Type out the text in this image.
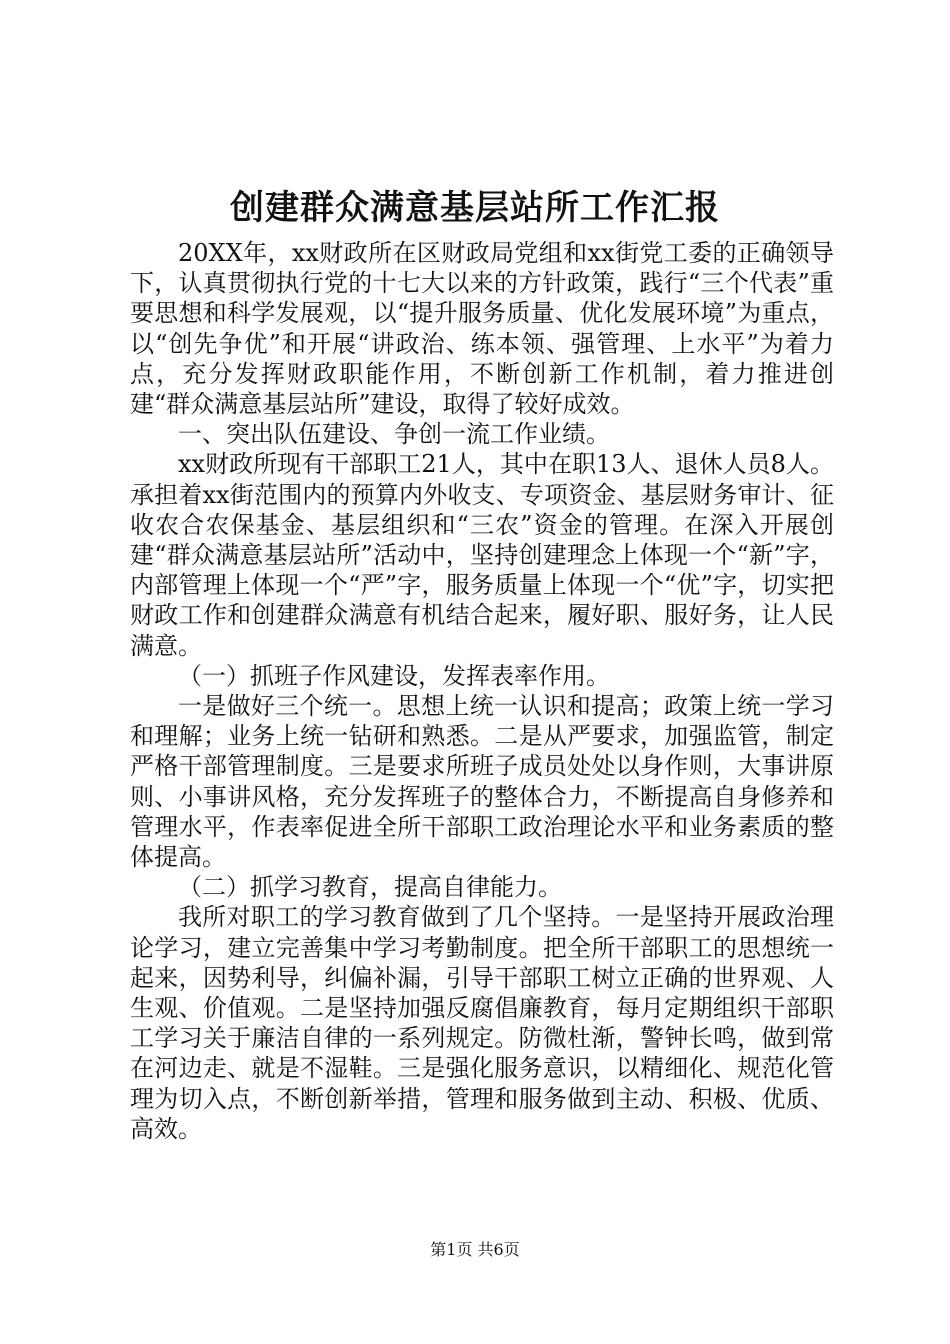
创建群众满意基层站所工作汇报

20XX年，xx财政所在区财政局党组和xx街党工委的正确领导下，认真贯彻执行党的十七大以来的方针政策，践行“三个代表”重要思想和科学发展观，以“提升服务质量、优化发展环境”为重点，以“创先争优”和开展“讲政治、练本领、强管理、上水平”为着力点，充分发挥财政职能作用，不断创新工作机制，着力推进创建“群众满意基层站所”建设，取得了较好成效。

一、突出队伍建设、争创一流工作业绩。

xx财政所现有干部职工21人，其中在职13人、退休人员8人。承担着xx街范围内的预算内外收支、专项资金、基层财务审计、征收农合农保基金、基层组织和“三农”资金的管理。在深入开展创建“群众满意基层站所”活动中，坚持创建理念上体现一个“新”字，内部管理上体现一个“严”字，服务质量上体现一个“优”字，切实把财政工作和创建群众满意有机结合起来，履好职、服好务，让人民满意。

（一）抓班子作风建设，发挥表率作用。

一是做好三个统一。思想上统一认识和提高；政策上统一学习和理解；业务上统一钻研和熟悉。二是从严要求，加强监管，制定严格干部管理制度。三是要求所班子成员处处以身作则，大事讲原则、小事讲风格，充分发挥班子的整体合力，不断提高自身修养和管理水平，作表率促进全所干部职工政治理论水平和业务素质的整体提高。

（二）抓学习教育，提高自律能力。

我所对职工的学习教育做到了几个坚持。一是坚持开展政治理论学习，建立完善集中学习考勤制度。把全所干部职工的思想统一起来，因势利导，纠偏补漏，引导干部职工树立正确的世界观、人生观、价值观。二是坚持加强反腐倡廉教育，每月定期组织干部职工学习关于廉洁自律的一系列规定。防微杜渐，警钟长鸣，做到常在河边走、就是不湿鞋。三是强化服务意识，以精细化、规范化管理为切入点，不断创新举措，管理和服务做到主动、积极、优质、高效。

第1页 共6页
